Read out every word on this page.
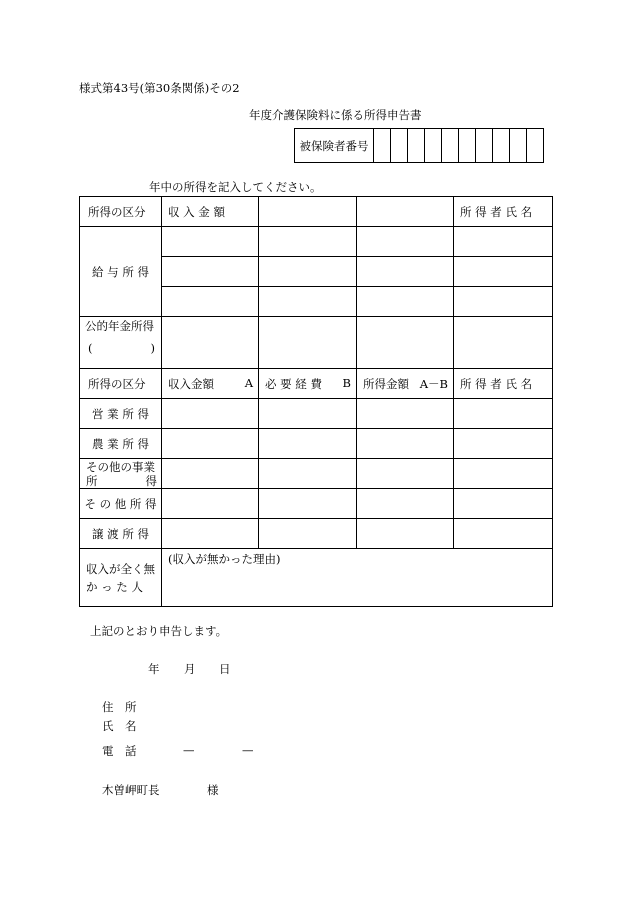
様式第43号(第30条関係)その2
年度介護保険料に係る所得申告書
被保険者番号										
年中の所得を記入してください。
所得の区分	収 入 金 額			所 得 者 氏 名

給 与 所 得				

公的年金所得
( )				

所得の区分	収入金額 A	必 要 経 費 B	所得金額 A－B	所 得 者 氏 名

営 業 所 得				
農 業 所 得				

その他の事業
所 得				

そ の 他 所 得				
譲 渡 所 得				

収入が全く無
か っ た 人	(収入が無かった理由)			
上記のとおり申告します。
年 月 日
住　所
氏　名
電　話	—	—
木曽岬町長	様
